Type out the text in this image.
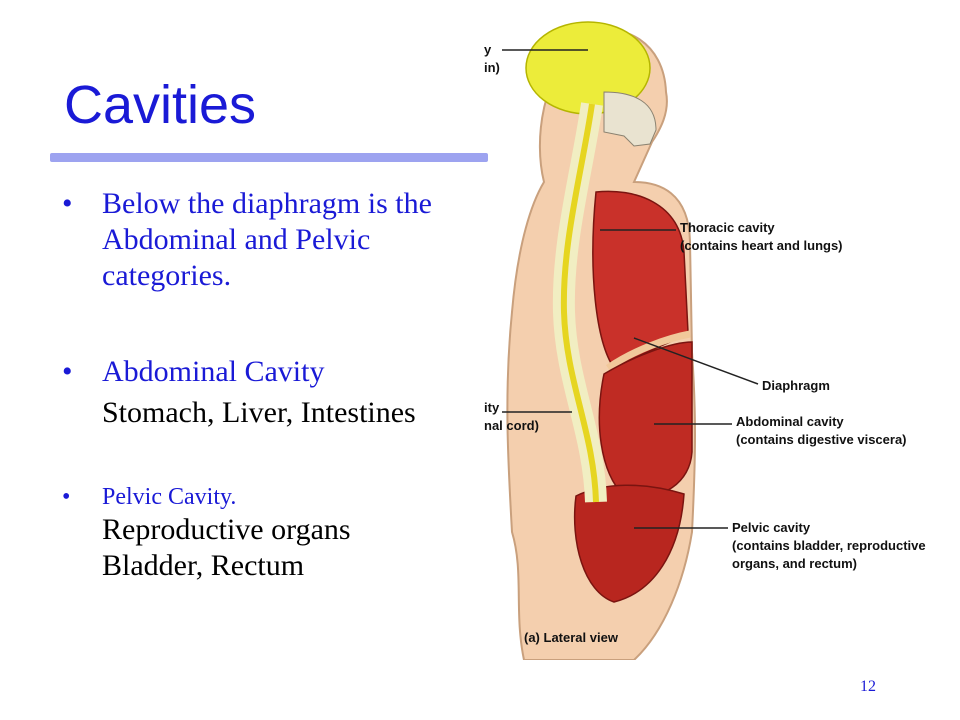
Cavities
• Below the diaphragm is the Abdominal and Pelvic categories.
• Abdominal Cavity
Stomach, Liver, Intestines
• Pelvic Cavity.
Reproductive organs
Bladder, Rectum
12
y
in)
Thoracic cavity
(contains heart and lungs)
Diaphragm
ity
nal cord)	Abdominal cavity
(contains digestive viscera)
Pelvic cavity
(contains bladder, reproductive
organs, and rectum)
(a) Lateral view
